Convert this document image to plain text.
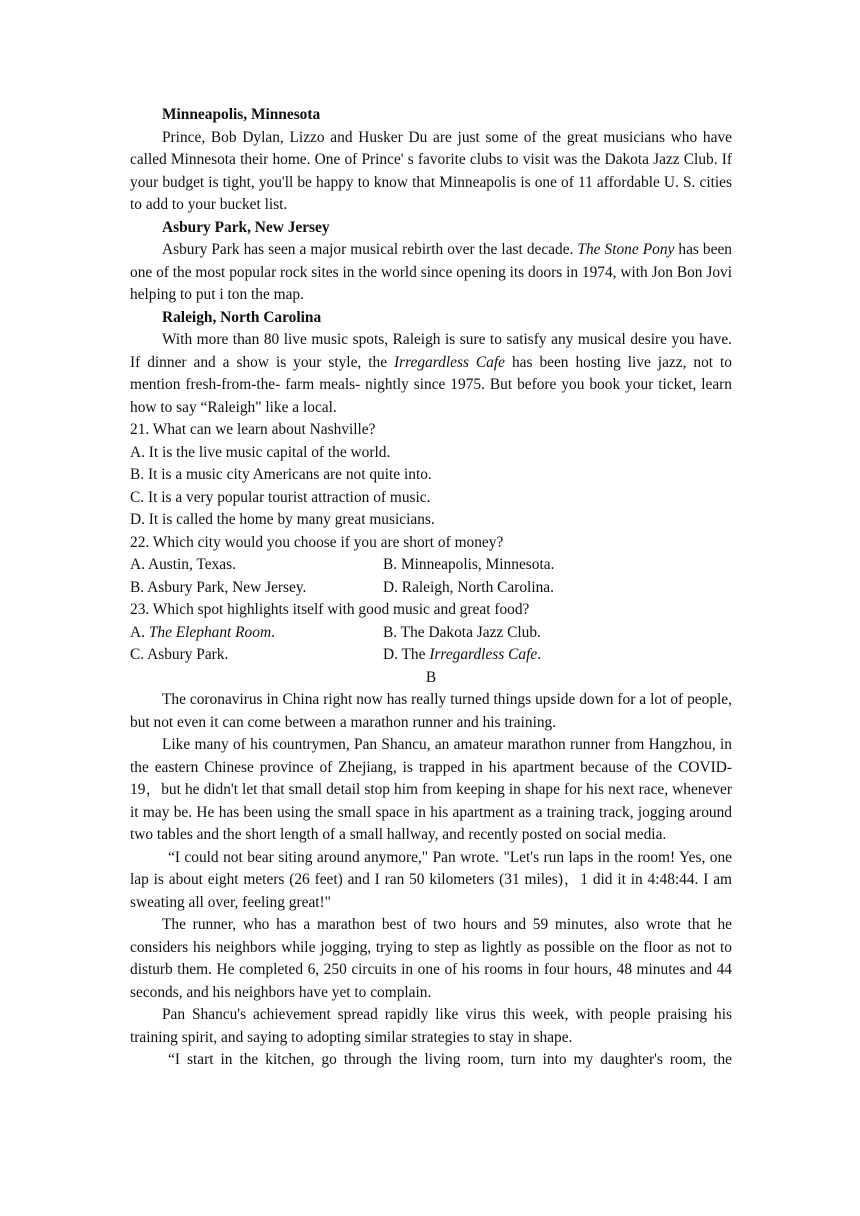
Minneapolis, Minnesota

Prince, Bob Dylan, Lizzo and Husker Du are just some of the great musicians who have called Minnesota their home. One of Prince' s favorite clubs to visit was the Dakota Jazz Club. If your budget is tight, you'll be happy to know that Minneapolis is one of 11 affordable U. S. cities to add to your bucket list.

Asbury Park, New Jersey

Asbury Park has seen a major musical rebirth over the last decade. The Stone Pony has been one of the most popular rock sites in the world since opening its doors in 1974, with Jon Bon Jovi helping to put i ton the map.

Raleigh, North Carolina

With more than 80 live music spots, Raleigh is sure to satisfy any musical desire you have. If dinner and a show is your style, the Irregardless Cafe has been hosting live jazz, not to mention fresh-from-the- farm meals- nightly since 1975. But before you book your ticket, learn how to say “Raleigh" like a local.

21. What can we learn about Nashville?

A. It is the live music capital of the world.

B. It is a music city Americans are not quite into.

C. It is a very popular tourist attraction of music.

D. It is called the home by many great musicians.

22. Which city would you choose if you are short of money?

A. Austin, Texas.	B. Minneapolis, Minnesota.

B. Asbury Park, New Jersey.	D. Raleigh, North Carolina.

23. Which spot highlights itself with good music and great food?

A. The Elephant Room.	B. The Dakota Jazz Club.

C. Asbury Park.	D. The Irregardless Cafe.

B

The coronavirus in China right now has really turned things upside down for a lot of people, but not even it can come between a marathon runner and his training.

Like many of his countrymen, Pan Shancu, an amateur marathon runner from Hangzhou, in the eastern Chinese province of Zhejiang, is trapped in his apartment because of the COVID-19，but he didn't let that small detail stop him from keeping in shape for his next race, whenever it may be. He has been using the small space in his apartment as a training track, jogging around two tables and the short length of a small hallway, and recently posted on social media.

“I could not bear siting around anymore," Pan wrote. "Let's run laps in the room! Yes, one lap is about eight meters (26 feet) and I ran 50 kilometers (31 miles)，1 did it in 4:48:44. I am sweating all over, feeling great!"

The runner, who has a marathon best of two hours and 59 minutes, also wrote that he considers his neighbors while jogging, trying to step as lightly as possible on the floor as not to disturb them. He completed 6, 250 circuits in one of his rooms in four hours, 48 minutes and 44 seconds, and his neighbors have yet to complain.

Pan Shancu's achievement spread rapidly like virus this week, with people praising his training spirit, and saying to adopting similar strategies to stay in shape.

“I start in the kitchen, go through the living room, turn into my daughter's room, the
